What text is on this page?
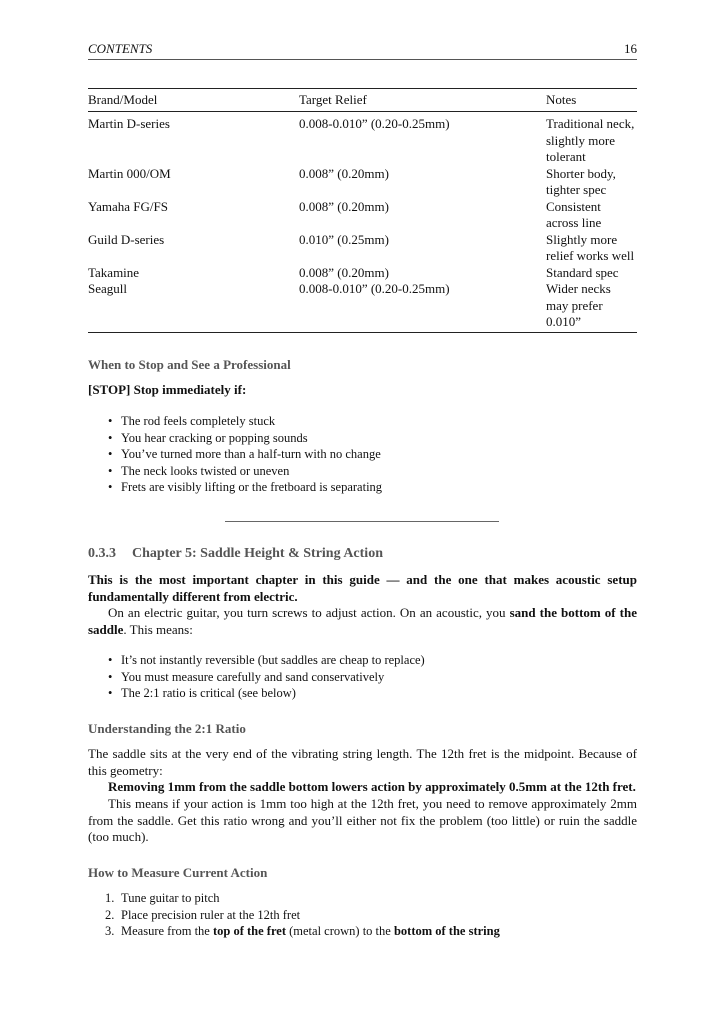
CONTENTS	16
Brand/Model	Target Relief	Notes
Martin D-series	0.008-0.010” (0.20-0.25mm)	Traditional neck,
slightly more
tolerant
Martin 000/OM	0.008” (0.20mm)	Shorter body,
tighter spec
Yamaha FG/FS	0.008” (0.20mm)	Consistent
across line
Guild D-series	0.010” (0.25mm)	Slightly more
relief works well
Takamine	0.008” (0.20mm)	Standard spec
Seagull	0.008-0.010” (0.20-0.25mm)	Wider necks
may prefer
0.010”
When to Stop and See a Professional
[STOP] Stop immediately if:
• The rod feels completely stuck
• You hear cracking or popping sounds
• You’ve turned more than a half-turn with no change
• The neck looks twisted or uneven
• Frets are visibly lifting or the fretboard is separating
0.3.3 Chapter 5: Saddle Height & String Action
This is the most important chapter in this guide — and the one that makes acoustic setup fundamentally different from electric.
On an electric guitar, you turn screws to adjust action. On an acoustic, you sand the bottom of the saddle. This means:
• It’s not instantly reversible (but saddles are cheap to replace)
• You must measure carefully and sand conservatively
• The 2:1 ratio is critical (see below)
Understanding the 2:1 Ratio
The saddle sits at the very end of the vibrating string length. The 12th fret is the midpoint. Because of this geometry:
Removing 1mm from the saddle bottom lowers action by approximately 0.5mm at the 12th fret.
This means if your action is 1mm too high at the 12th fret, you need to remove approximately 2mm from the saddle. Get this ratio wrong and you’ll either not fix the problem (too little) or ruin the saddle (too much).
How to Measure Current Action
1. Tune guitar to pitch
2. Place precision ruler at the 12th fret
3. Measure from the top of the fret (metal crown) to the bottom of the string
